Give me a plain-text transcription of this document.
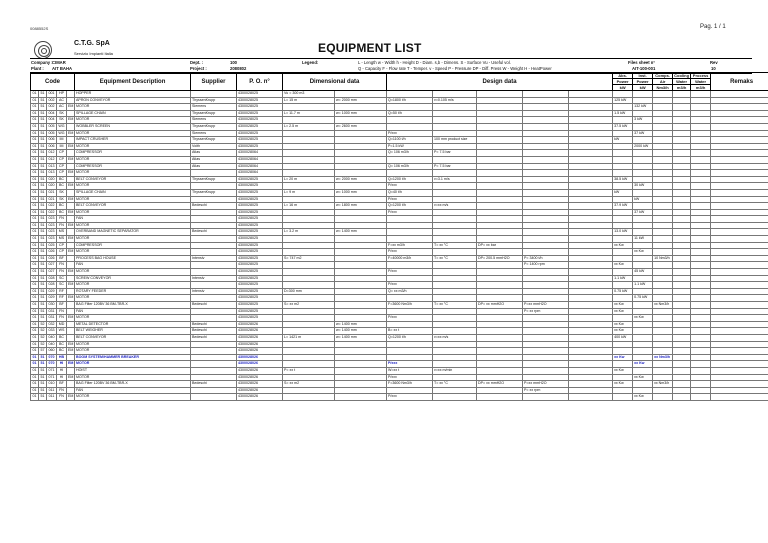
0088552S	Pag. 1 / 1
C.T.G. SpA
Servizio Impianti Italia	EQUIPMENT LIST
Company : CIMAR
Plant : AIT BAHA
Dept. :	100
Project :	2080802
Legend:	L - Length w - Width h - Height D - Diam. s,b - Dimens. S - Surface Vu - Useful vol.
Q - Capacity F - Flow rate T - Temper. v - Speed P - Pressure DP - Diff. Press W - Weight H - HeatPower
Files sheet n°
AIT-100-001
Rev
10
Code					Equipment Description	Supplier	P. O. n°	Dimensional data		Design data					Abs.	Inst.	Comps.	Cooling	Process	Remaks
															Power	Power	Air	Water	Water	
															kW	kW	Nm3/h	m3/h	m3/h	
01	51	001	HP		HOPPER		4300028025	Vu = 300 m3												
01	51	002	AC		APRON CONVEYOR	ThyssenKrupp	4300028025	L= 15 m	w= 2000 mm	Q=1800 t/h	v=0.105 m/s				125 kW					
01	51	002	AC	EM	MOTOR	Siemens	4300028025									132 kW				
01	51	004	SK		SPILLAGE CHAIN	ThyssenKrupp	4300028025	L= 11.7 m	w= 1000 mm	Q=50 t/h					1.5 kW					
01	51	004	SK	EM	MOTOR	Siemens	4300028025									3 kW				
01	51	005	WG		WOBBLER SCREEN	ThyssenKrupp	4300028025	L= 2.5 m	w= 2600 mm						37.5 kW					
01	51	005	WG	EM	MOTOR	Siemens	4300028025			P/xxx						37 kW				
01	51	006	IM		IMPACT CRUSHER	ThyssenKrupp	4300028025			Q=1100 t/h	100 mm product size				kW					
01	51	006	IM	EM	MOTOR	Voith	4300028025			P=1.5 kW						2000 kW				
01	51	012	CP		COMPRESSOR	Atlas	4300028064			Q= 106 m3/h	P= 7.5 bar									
01	51	012	CP	EM	MOTOR	Atlas	4300028064													
01	51	013	CP		COMPRESSOR	Atlas	4300028064			Q= 106 m3/h	P= 7.5 bar									
01	51	013	CP	EM	MOTOR		4300028064													
01	51	020	BC		BELT CONVEYOR	ThyssenKrupp	4300028025	L= 20 m	w= 2000 mm	Q=1200 t/h	v=3.1 m/s				38.5 kW					
01	51	020	BC	EM	MOTOR		4300028025			P/xxx						30 kW				
01	51	021	SK		SPILLAGE CHAIN	ThyssenKrupp	4300028025	L= 9 m	w= 1000 mm	Q=40 t/h					kW					
01	51	021	SK	EM	MOTOR		4300028025			P/xxx						kW				
01	51	022	BC		BELT CONVEYOR	Bedeschi	4300028025	L= 16 m	w= 1800 mm	Q=1200 t/h	v=xx m/s				37.9 kW					
01	51	022	BC	EM	MOTOR		4300028025			P/xxx						37 kW				
01	51	023	FN		FAN		4300028025													
01	51	023	FN	EM	MOTOR		4300028025													
01	51	023	MS		OVERBAND MAGNETIC SEPARATOR	Bedeschi	4300028025	L= 3.2 m	w= 1400 mm						13.0 kW					
01	51	023	MS	EM	MOTOR		4300028025									11 kW				
01	51	025	CP		COMPRESSOR		4300028025			F=xx m3/h	T= xx °C	DP= xx bar			xx Kw					
01	51	026	CP	EM	MOTOR		4300028025			P/xxx						xx Kw				
01	51	026	BF		PROCESS BAG HOUSE	Intensiv	4300028025	S= 747 m2		F=40000 m3/h	T= xx °C	DP= 200.5 mmH2O	P= 3400 t/h				10 Nm3/h			
01	51	027	FN		FAN		4300028025						P= 1400 rpm		xx Kw					
01	51	027	FN	EM	MOTOR		4300028025			P/xxx						45 kW				
01	51	028	SC		SCREW CONVEYOR	Intensiv	4300028025								1.1 kW					
01	51	028	SC	EM	MOTOR		4300028025			P/xxx						1.1 kW				
01	51	029	RF		ROTARY FEEDER	Intensiv	4300028025	D=300 mm		Q= xx m3/h					0.75 kW					
01	51	029	RF	EM	MOTOR		4300028025									0.75 kW				
01	51	030	BF		BAG Filter 120BV 36 BM-TBR-X	Bedeschi	4300028025	S= xx m2		F=3600 Nm3/h	T= xx °C	DP= xx mmH2O	P=xx mmH2O		xx Kw		xx Nm3/h			
01	51	031	FN		FAN		4300028025						P= xx rpm		xx Kw					
01	51	031	FN	EM	MOTOR		4300028025			P/xxx						xx Kw				
01	52	032	MD		METAL DETECTOR	Bedeschi	4300028026		w= 1400 mm						xx Kw					
01	52	033	WS		BELT WEIGHER	Bedeschi	4300028026		w= 1400 mm	B= xx t					xx Kw					
01	52	040	BC		BELT CONVEYOR	Bedeschi	4300028026	L= 1421 m	w= 1400 mm	Q=1200 t/h	v=xx m/s				400 kW					
01	52	040	BC	EM	MOTOR		4300028026													
01	57	060	BC	EM	MOTOR		4300028026													
01	51	070	HB		BOOM SYSTEM/HAMMER BREAKER		4300028026								xx Kw		xx Nm3/h			
01	51	070	HI	EM	MOTOR		4300028026			P/xxx						xx Kw				
01	51	071	HI		HOIST		4300028026	P= xx t		W=xx t	v=xx m/min				xx Kw					
01	51	071	HI	EM	MOTOR		4300028026			P/xxx						xx Kw				
01	51	010	BF		BAG Filter 120BV 36 BM-TBR-X	Bedeschi	4300028026	S= xx m2		F=3600 Nm3/h	T= xx °C	DP= xx mmH2O	P=xx mmH2O		xx Kw		xx Nm3/h			
01	51	011	FN		FAN		4300028026						P= xx rpm							
01	51	011	FN	EM	MOTOR		4300028026			P/xxx						xx Kw				
